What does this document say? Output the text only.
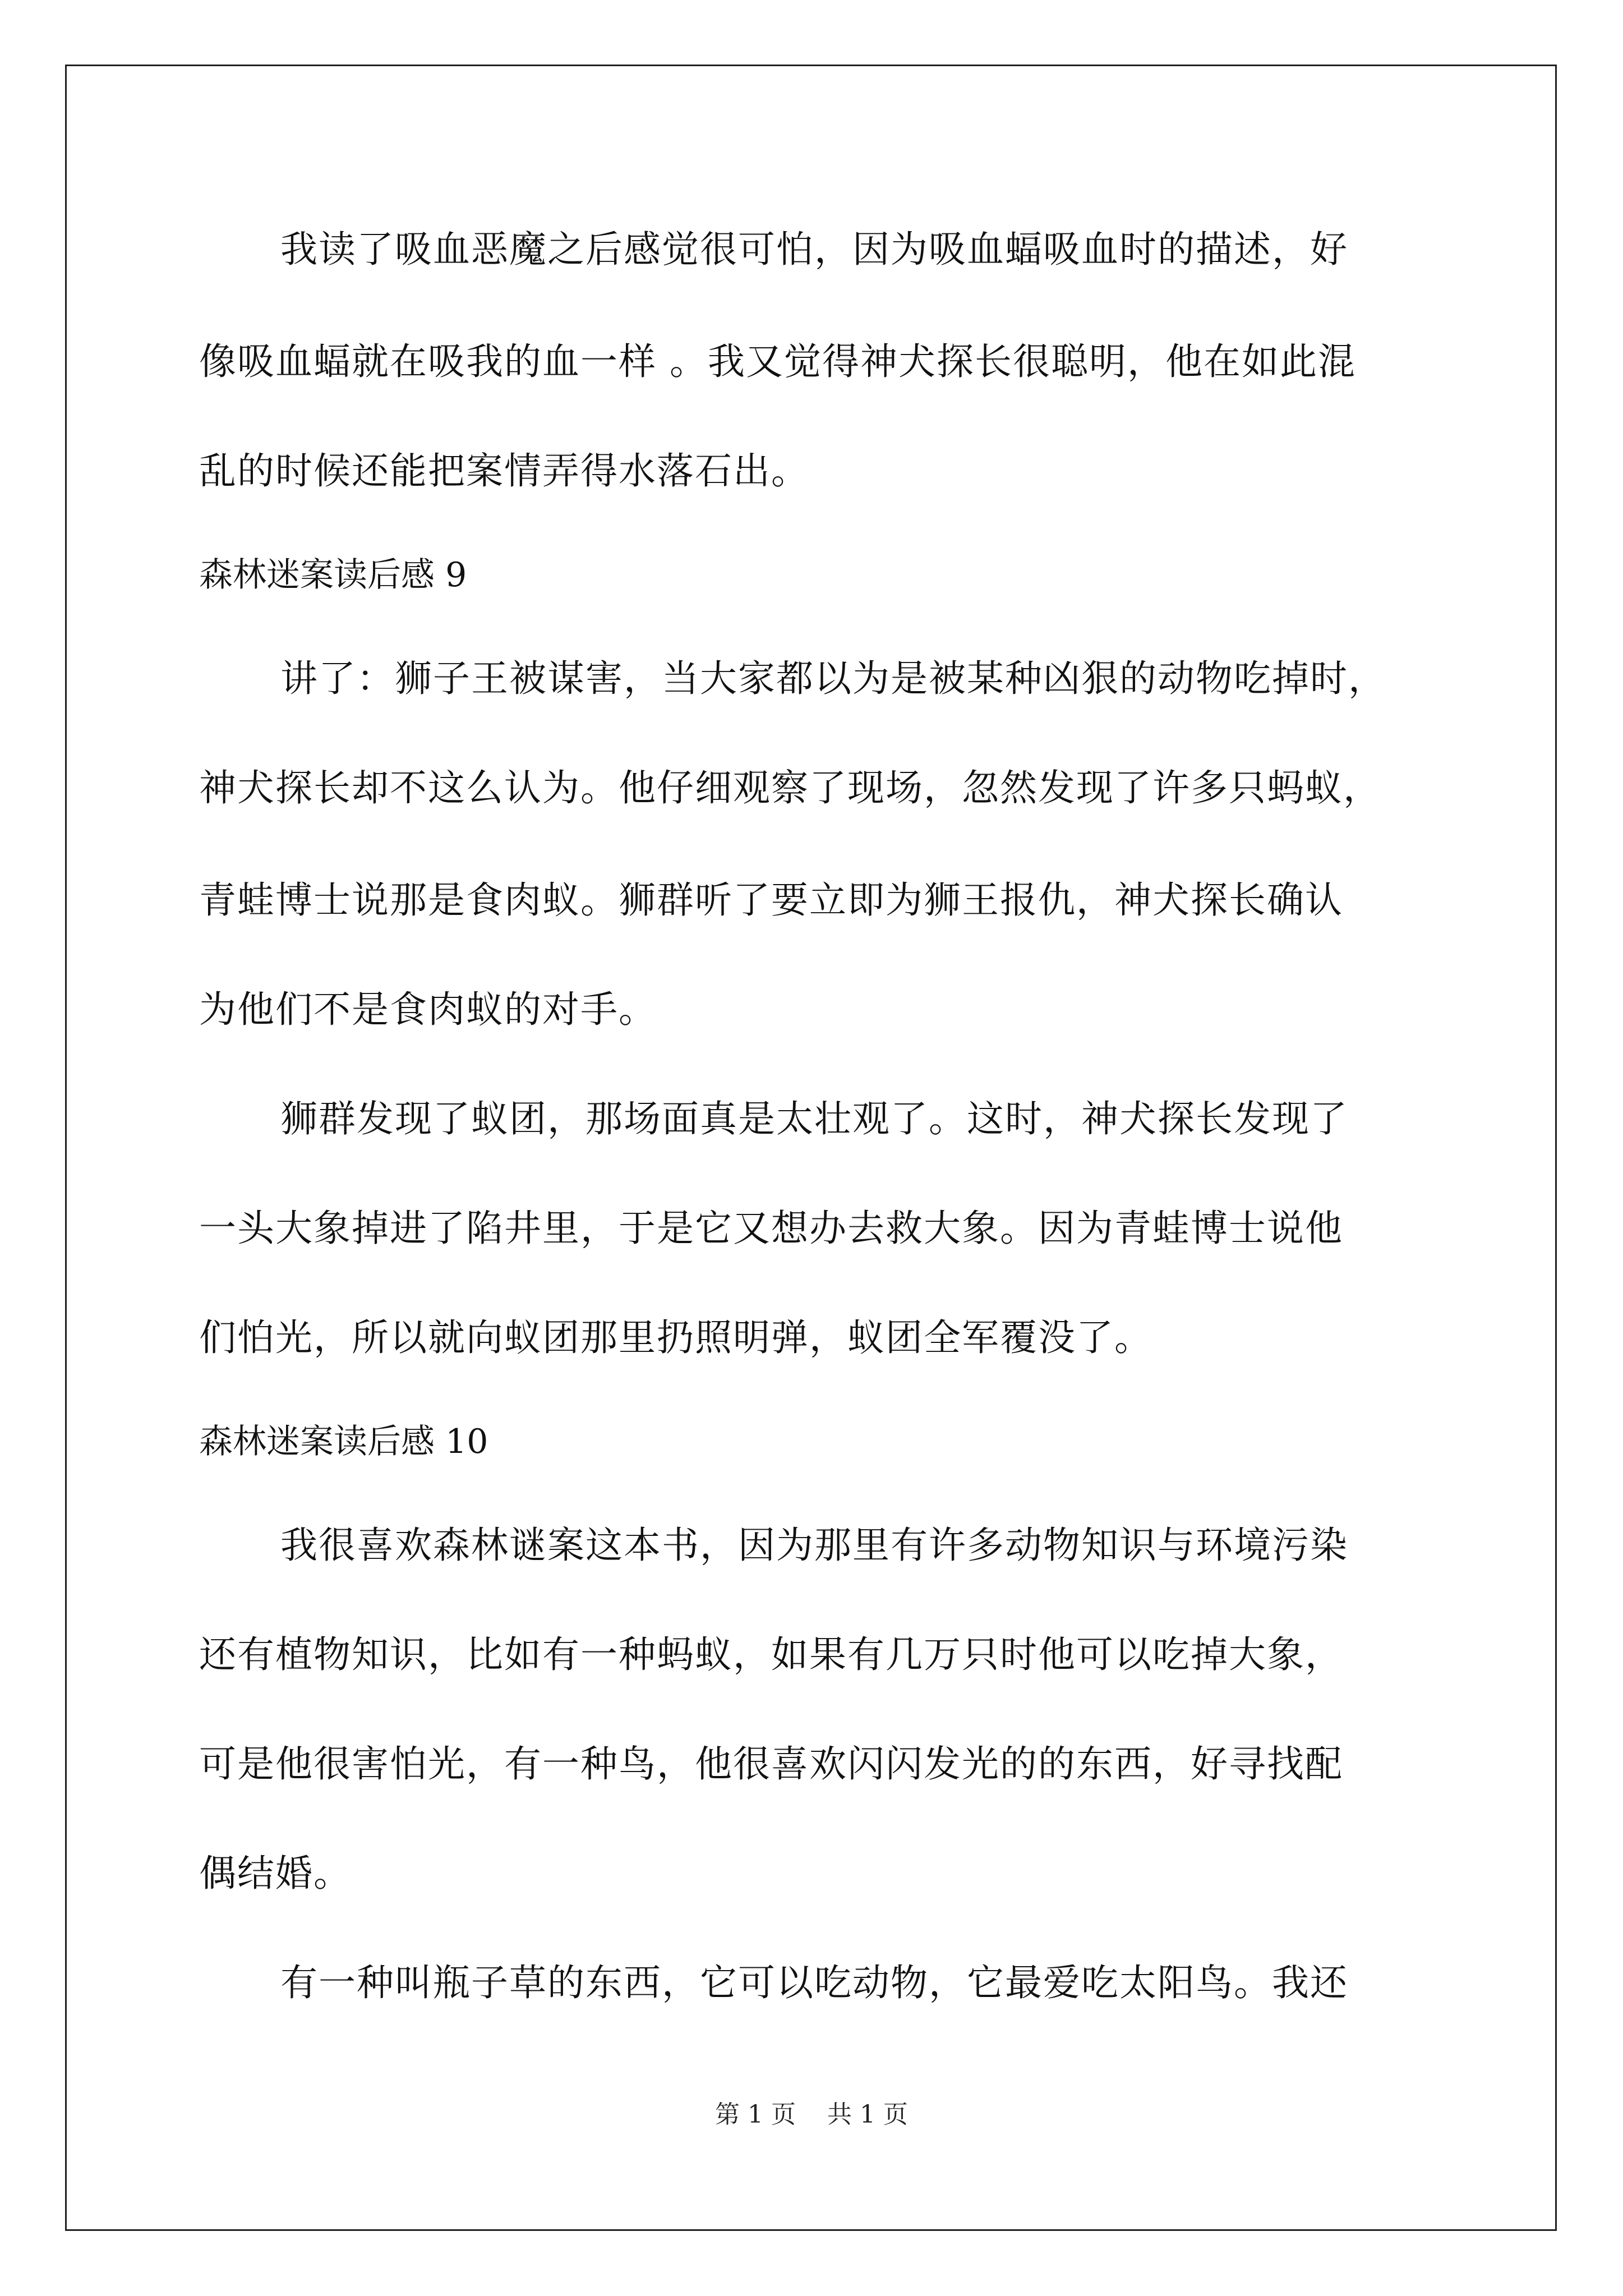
我读了吸血恶魔之后感觉很可怕，因为吸血蝠吸血时的描述，好
像吸血蝠就在吸我的血一样 。我又觉得神犬探长很聪明，他在如此混
乱的时候还能把案情弄得水落石出。
森林迷案读后感 9
讲了：狮子王被谋害，当大家都以为是被某种凶狠的动物吃掉时，
神犬探长却不这么认为。他仔细观察了现场，忽然发现了许多只蚂蚁，
青蛙博士说那是食肉蚁。狮群听了要立即为狮王报仇，神犬探长确认
为他们不是食肉蚁的对手。
狮群发现了蚁团，那场面真是太壮观了。这时，神犬探长发现了
一头大象掉进了陷井里，于是它又想办去救大象。因为青蛙博士说他
们怕光，所以就向蚁团那里扔照明弹，蚁团全军覆没了。
森林迷案读后感 10
我很喜欢森林谜案这本书，因为那里有许多动物知识与环境污染
还有植物知识，比如有一种蚂蚁，如果有几万只时他可以吃掉大象，
可是他很害怕光，有一种鸟，他很喜欢闪闪发光的的东西，好寻找配
偶结婚。
有一种叫瓶子草的东西，它可以吃动物，它最爱吃太阳鸟。我还
第 1 页    共 1 页
